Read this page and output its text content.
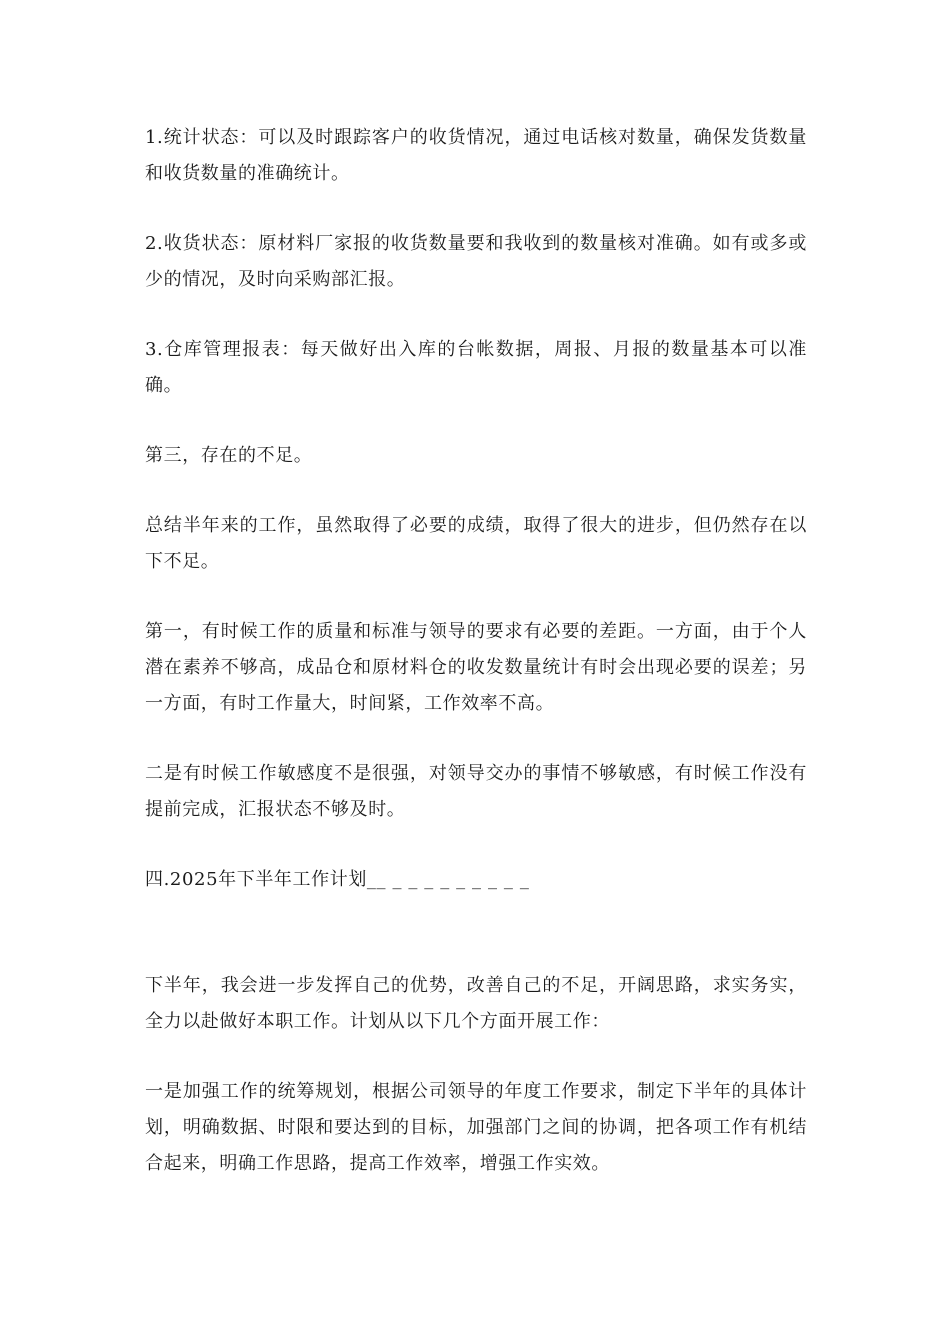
1.统计状态：可以及时跟踪客户的收货情况，通过电话核对数量，确保发货数量和收货数量的准确统计。

2.收货状态：原材料厂家报的收货数量要和我收到的数量核对准确。如有或多或少的情况，及时向采购部汇报。

3.仓库管理报表：每天做好出入库的台帐数据，周报、月报的数量基本可以准确。

第三，存在的不足。

总结半年来的工作，虽然取得了必要的成绩，取得了很大的进步，但仍然存在以下不足。

第一，有时候工作的质量和标准与领导的要求有必要的差距。一方面，由于个人潜在素养不够高，成品仓和原材料仓的收发数量统计有时会出现必要的误差；另一方面，有时工作量大，时间紧，工作效率不高。

二是有时候工作敏感度不是很强，对领导交办的事情不够敏感，有时候工作没有提前完成，汇报状态不够及时。

四.2025年下半年工作计划__ _ _ _ _ _ _ _ _ _

下半年，我会进一步发挥自己的优势，改善自己的不足，开阔思路，求实务实，全力以赴做好本职工作。计划从以下几个方面开展工作：

一是加强工作的统筹规划，根据公司领导的年度工作要求，制定下半年的具体计划，明确数据、时限和要达到的目标，加强部门之间的协调，把各项工作有机结合起来，明确工作思路，提高工作效率，增强工作实效。
